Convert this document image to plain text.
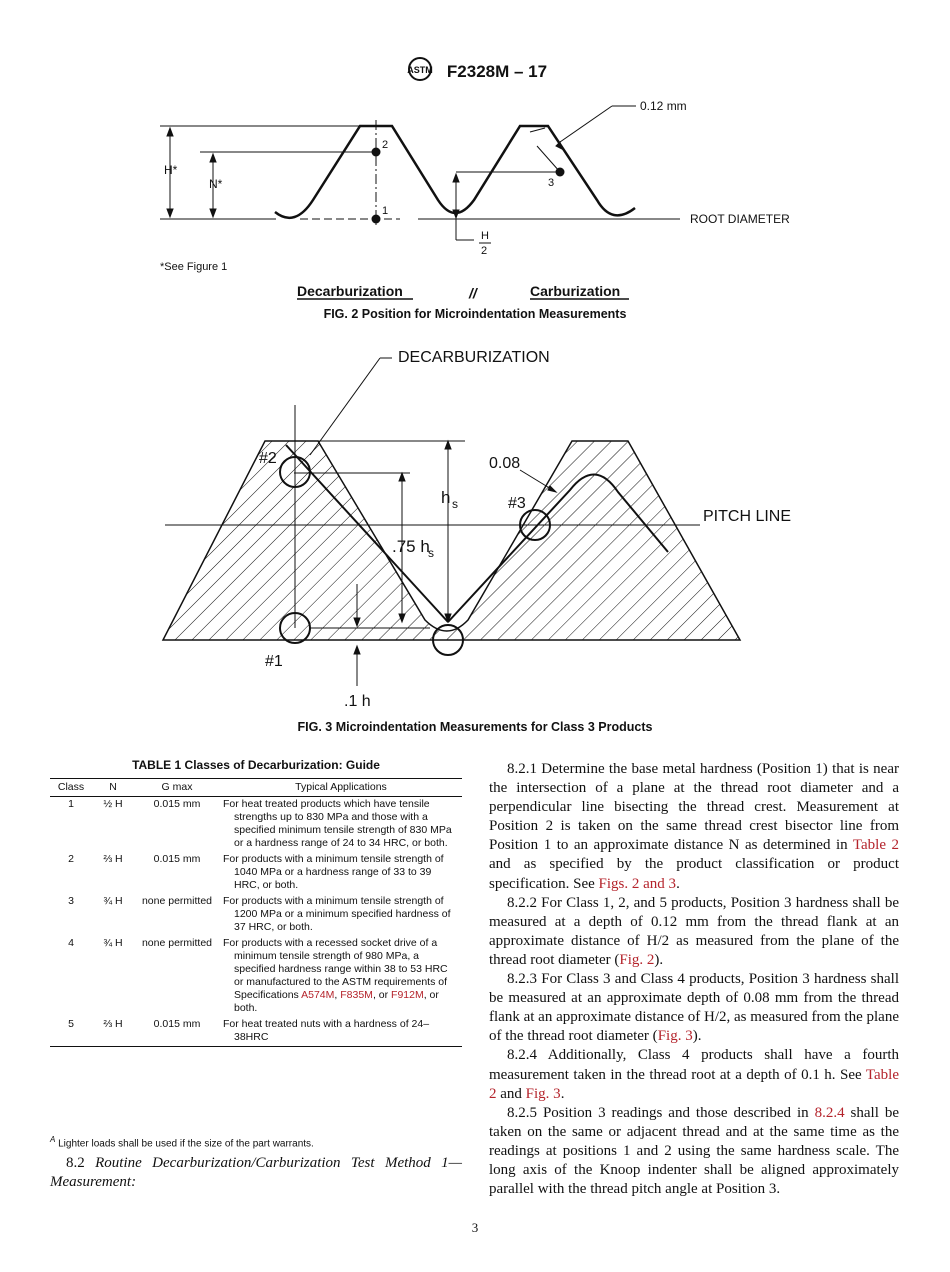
ASTM F2328M – 17
0.12 mm
H*
N*
2
1
3
ROOT DIAMETER
H
2
*See Figure 1
Decarburization	//	Carburization
FIG. 2 Position for Microindentation Measurements
DECARBURIZATION
#2
#1
#3
h s
.75 h
s
0.08
PITCH LINE
.1 h
FIG. 3 Microindentation Measurements for Class 3 Products
TABLE 1 Classes of Decarburization: Guide
Class	N	G max	Typical Applications
1	½ H	0.015 mm	For heat treated products which have tensile strengths up to 830 MPa and those with a specified minimum tensile strength of 830 MPa or a hardness range of 24 to 34 HRC, or both.
2	⅔ H	0.015 mm	For products with a minimum tensile strength of 1040 MPa or a hardness range of 33 to 39 HRC, or both.
3	¾ H	none permitted	For products with a minimum tensile strength of 1200 MPa or a minimum specified hardness of 37 HRC, or both.
4	¾ H	none permitted	For products with a recessed socket drive of a minimum tensile strength of 980 MPa, a specified hardness range within 38 to 53 HRC or manufactured to the ASTM requirements of Specifications A574M, F835M, or F912M, or both.
5	⅔ H	0.015 mm	For heat treated nuts with a hardness of 24–38HRC
$^A$ Lighter loads shall be used if the size of the part warrants.
8.2 Routine Decarburization/Carburization Test Method 1—Measurement:

8.2.1 Determine the base metal hardness (Position 1) that is near the intersection of a plane at the thread root diameter and a perpendicular line bisecting the thread crest. Measurement at Position 2 is taken on the same thread crest bisector line from Position 1 to an approximate distance N as determined in Table 2 and as specified by the product classification or product specification. See Figs. 2 and 3.

8.2.2 For Class 1, 2, and 5 products, Position 3 hardness shall be measured at a depth of 0.12 mm from the thread flank at an approximate distance of H/2 as measured from the plane of the thread root diameter (Fig. 2).

8.2.3 For Class 3 and Class 4 products, Position 3 hardness shall be measured at an approximate depth of 0.08 mm from the thread flank at an approximate distance of H/2, as measured from the plane of the thread root diameter (Fig. 3).

8.2.4 Additionally, Class 4 products shall have a fourth measurement taken in the thread root at a depth of 0.1 h. See Table 2 and Fig. 3.

8.2.5 Position 3 readings and those described in 8.2.4 shall be taken on the same or adjacent thread and at the same time as the readings at positions 1 and 2 using the same hardness scale. The long axis of the Knoop indenter shall be aligned approximately parallel with the thread pitch angle at Position 3.

3
